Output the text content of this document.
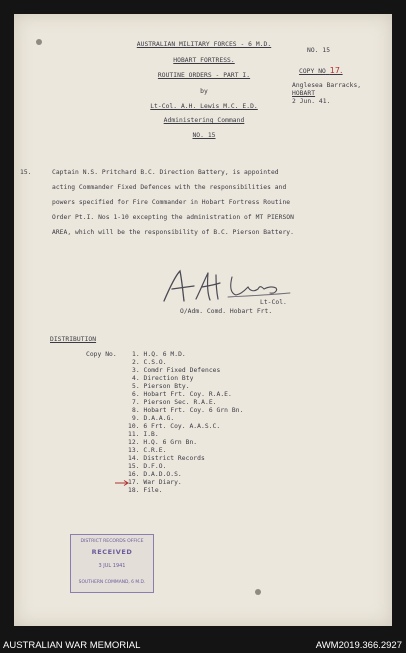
AUSTRALIAN MILITARY FORCES - 6 M.D.
HOBART FORTRESS.
ROUTINE ORDERS - PART I.
by
Lt-Col. A.H. Lewis M.C. E.D.
Administering Command
NO. 15
NO. 15
COPY NO 17.
Anglesea Barracks,
HOBART
2 Jun. 41.
15.	Captain N.S. Pritchard B.C. Direction Battery, is appointed
acting Commander Fixed Defences with the responsibilities and
powers specified for Fire Commander in Hobart Fortress Routine
Order Pt.I. Nos 1-10 excepting the administration of MT PIERSON
AREA, which will be the responsibility of B.C. Pierson Battery.
Lt-Col.
O/Adm. Comd. Hobart Frt.
DISTRIBUTION
Copy No. 1. H.Q. 6 M.D.
2. C.S.O.
3. Comdr Fixed Defences
4. Direction Bty
5. Pierson Bty.
6. Hobart Frt. Coy. R.A.E.
7. Pierson Sec. R.A.E.
8. Hobart Frt. Coy. 6 Grn Bn.
9. D.A.A.G.
10. 6 Frt. Coy. A.A.S.C.
11. I.B.
12. H.Q. 6 Grn Bn.
13. C.R.E.
14. District Records
15. D.F.O.
16. D.A.D.O.S.
17. War Diary.
18. File.
DISTRICT RECORDS OFFICE
RECEIVED
3 JUL 1941
SOUTHERN COMMAND, 6 M.D.
AUSTRALIAN WAR MEMORIAL	AWM2019.366.2927
